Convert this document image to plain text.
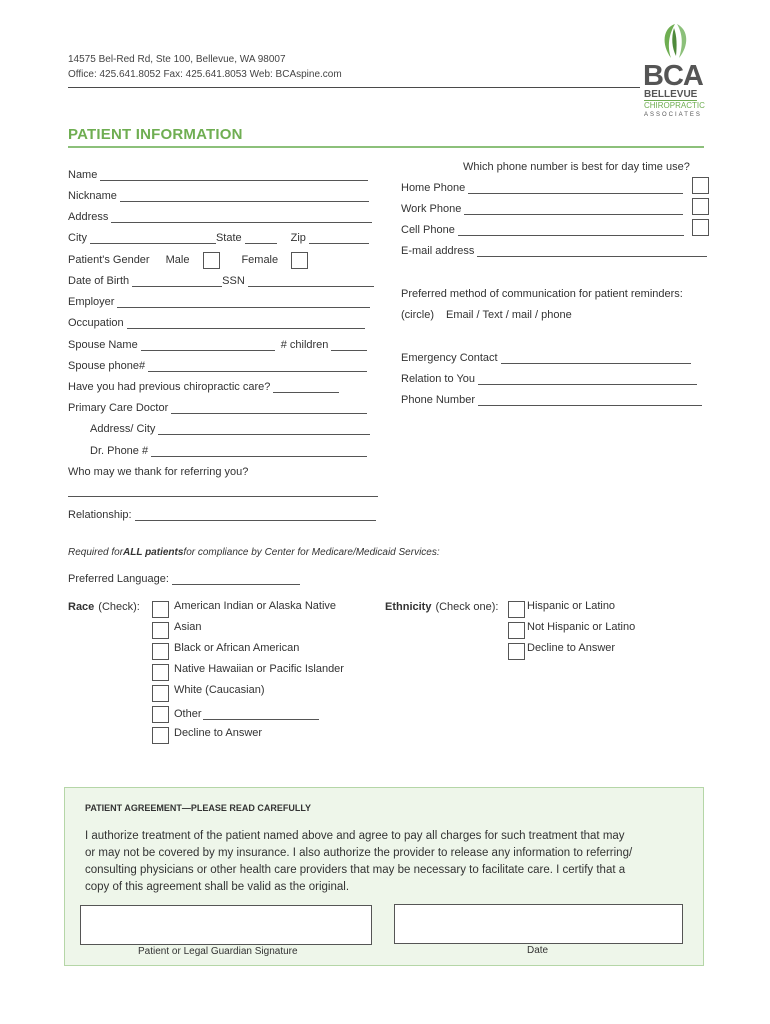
14575 Bel-Red Rd, Ste 100, Bellevue, WA 98007
Office: 425.641.8052 Fax: 425.641.8053 Web: BCAspine.com	BCA
BELLEVUE
CHIROPRACTIC
ASSOCIATES
PATIENT INFORMATION
Name
Nickname
Address
City	State	Zip
Patient's Gender Male	Female
Date of Birth	SSN
Employer
Occupation
Spouse Name	# children
Spouse phone#
Have you had previous chiropractic care?
Primary Care Doctor
Address/ City
Dr. Phone #
Who may we thank for referring you?
Relationship:
Which phone number is best for day time use?
Home Phone
Work Phone
Cell Phone
E-mail address
Preferred method of communication for patient reminders:
(circle) Email / Text / mail / phone
Emergency Contact
Relation to You
Phone Number
Required for ALL patients for compliance by Center for Medicare/Medicaid Services:
Preferred Language:
Race (Check):	American Indian or Alaska Native
Asian
Black or African American
Native Hawaiian or Pacific Islander
White (Caucasian)
Other
Decline to Answer
Ethnicity (Check one):	Hispanic or Latino
Not Hispanic or Latino
Decline to Answer
PATIENT AGREEMENT—PLEASE READ CAREFULLY
I authorize treatment of the patient named above and agree to pay all charges for such treatment that may
or may not be covered by my insurance. I also authorize the provider to release any information to referring/
consulting physicians or other health care providers that may be necessary to facilitate care. I certify that a
copy of this agreement shall be valid as the original.
Patient or Legal Guardian Signature	Date
